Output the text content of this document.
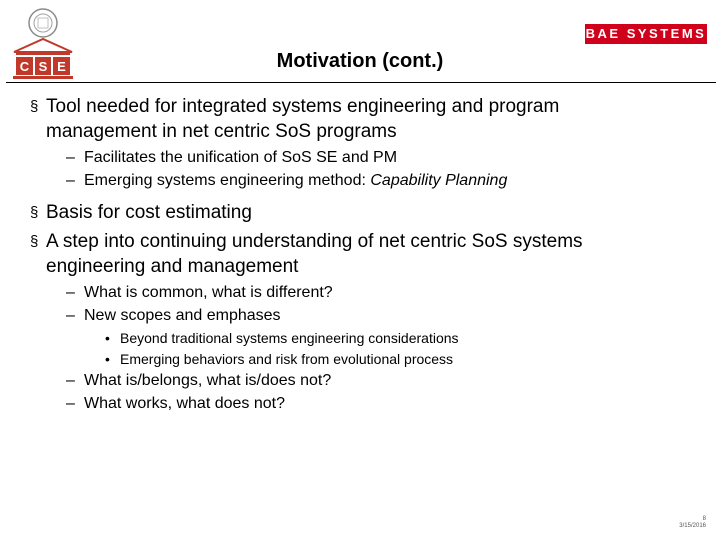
C S E
BAE SYSTEMS
Motivation (cont.)
§ Tool needed for integrated systems engineering and program management in net centric SoS programs
– Facilitates the unification of SoS SE and PM
– Emerging systems engineering method: Capability Planning
§ Basis for cost estimating
§ A step into continuing understanding of net centric SoS systems engineering and management
– What is common, what is different?
– New scopes and emphases
• Beyond traditional systems engineering considerations
• Emerging behaviors and risk from evolutional process
– What is/belongs, what is/does not?
– What works, what does not?
8
3/15/2016
